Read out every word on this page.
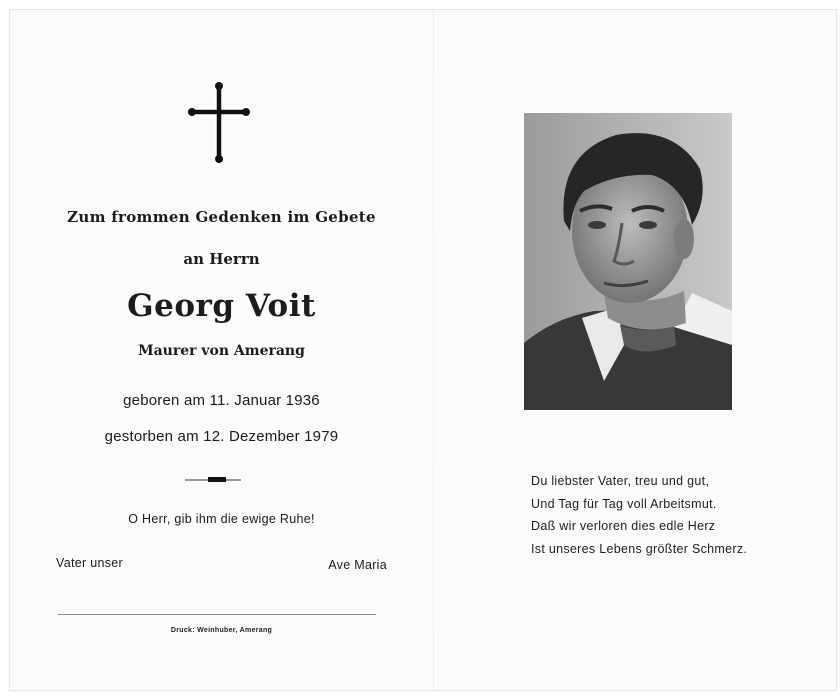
Zum frommen Gedenken im Gebete
an Herrn
Georg Voit
Maurer von Amerang
geboren am 11. Januar 1936
gestorben am 12. Dezember 1979
O Herr, gib ihm die ewige Ruhe!
Vater unser	Ave Maria
Druck: Weinhuber, Amerang
Du liebster Vater, treu und gut,
Und Tag für Tag voll Arbeitsmut.
Daß wir verloren dies edle Herz
Ist unseres Lebens größter Schmerz.
